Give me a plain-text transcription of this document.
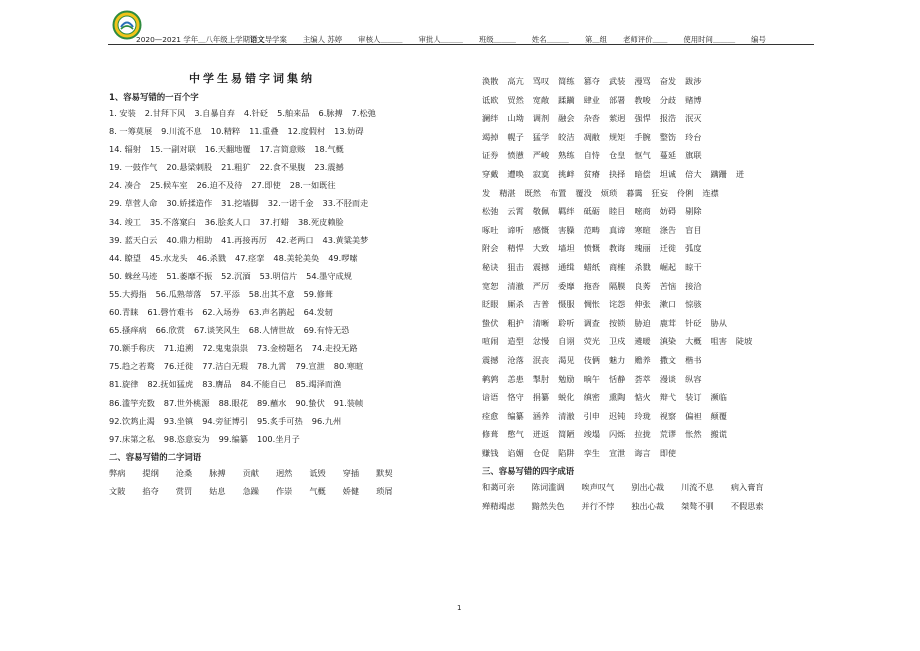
2020—2021 学年＿八年级上学期语文导学案 主编人 苏婷 审核人＿＿＿ 审批人＿＿＿ 班级＿＿＿ 姓名＿＿＿ 第＿组 老师评价＿＿ 使用时间＿＿＿ 编号
中学生易错字词集纳
1、容易写错的一百个字
1. 安装 2.甘拜下风 3.自暴自弃 4.针砭 5.舶来品 6.脉搏 7.松弛
8. 一筹莫展 9.川流不息 10.精粹 11.重叠 12.度假村 13.妨碍
14. 辐射 15.一副对联 16.天翻地覆 17.言简意赅 18.气概
19. 一鼓作气 20.悬梁刺股 21.粗犷 22.食不果腹 23.震撼
24. 凑合 25.候车室 26.迫不及待 27.即使 28.一如既往
29. 草菅人命 30.娇揉造作 31.挖墙脚 32.一诺千金 33.不胫而走
34. 竣工 35.不落窠臼 36.脍炙人口 37.打蜡 38.死皮赖脸
39. 蓝天白云 40.鼎力相助 41.再接再厉 42.老两口 43.黄粱美梦
44. 瞭望 45.水龙头 46.杀戮 47.痉挛 48.美轮美奂 49.啰嗦
50. 蛛丝马迹 51.萎靡不振 52.沉湎 53.明信片 54.墨守成规
55.大拇指 56.瓜熟蒂落 57.平添 58.出其不意 59.修葺
60.青睐 61.磬竹难书 62.入场券 63.声名鹊起 64.发轫
65.搔痒病 66.欣赏 67.谈笑风生 68.人情世故 69.有恃无恐
70.额手称庆 71.追溯 72.鬼鬼祟祟 73.金榜题名 74.走投无路
75.趋之若鹜 76.迁徙 77.洁白无瑕 78.九霄 79.宣泄 80.寒暄
81.旋律 82.抚如猛虎 83.膺品 84.不能自已 85.竭泽而渔
86.滥竽充数 87.世外桃源 88.眼花 89.蘸水 90.蛰伏 91.装帧
92.饮鸩止渴 93.坐镇 94.旁征博引 95.炙手可热 96.九州
97.床第之私 98.恣意妄为 99.编纂 100.坐月子
二、容易写错的二字词语
弊病 提纲 沧桑 脉搏 贡献 迥然 诋毁 穿插 默契
文陂 掐夺 赏罚 姑息 急躁 作崇 气概 娇健 琐屑
涣散 高亢 骂叹 简练 篡夺 武装 漫骂 奋发 跋涉
诋欧 贸然 宽敞 蹂躏 肆业 部署 教唆 分歧 赌博
澜绊 山坳 调剂 融会 杂沓 萦迥 强悍 报浩 泯灭
竭掉 幌子 猛学 皎洁 凋敝 规矩 手腕 整饬 玲台
证券 愤懑 严峻 熟练 自恃 仓皇 怄气 蔓延 旗联
穿戴 遭唤 寂寞 挑衅 贫瘠 抉择 暗偿 坦诚 倍大 蹒跚 迸
发 精湛 既然 布置 覆没 烦琐 暮霭 狂妄 伶俐 连襟
松弛 云霄 敬佩 羁绊 砥砺 睦目 嘧商 妨碍 剔除
啄吐 谛听 感慨 害臊 范畴 真谛 寒暄 涤告 盲目
附会 精悍 大致 墙坦 愤慨 教诲 瑰丽 迁徙 弧度
秘诀 狙击 震撼 通缉 蜡纸 商榷 杀戮 崛起 晾干
宽恕 清澈 严厉 委靡 拖沓 隔膜 良莠 苦恼 接洽
眨眼 厮杀 吉普 慑服 惆怅 诧怨 伸张 漱口 惊骇
蛰伏 粗护 清晰 聆听 调查 按锁 胁迫 鹿茸 针砭 胁从
喧闹 造型 忿慢 自诩 荧光 卫戍 遴暖 滇染 大概 咀害 陡坡
震撼 沧落 泯丧 渴见 伎俩 魅力 赡养 撒文 楷书
鹌鹑 恙患 掣肘 勉励 晌午 恬静 荟萃 漫谈 纵容
谙语 恪守 捐纂 蜕化 缜密 熏陶 惦火 辩弋 装订 濒临
痊愈 编纂 涵养 清澈 引申 迟钝 玲珑 视察 偏袒 颠覆
修葺 憋气 迸返 简陋 竣塌 闪烁 拉拢 荒谬 怅然 搬谎
赚钱 谄媚 仓促 陷阱 孪生 宣泄 诲言 即使
三、容易写错的四字成语
和蔼可亲 陈词滥调 唉声叹气 别出心裁 川流不息 病入膏肓
殚精竭虑 黯然失色 并行不悖 独出心裁 桀骜不驯 不假思索
1
